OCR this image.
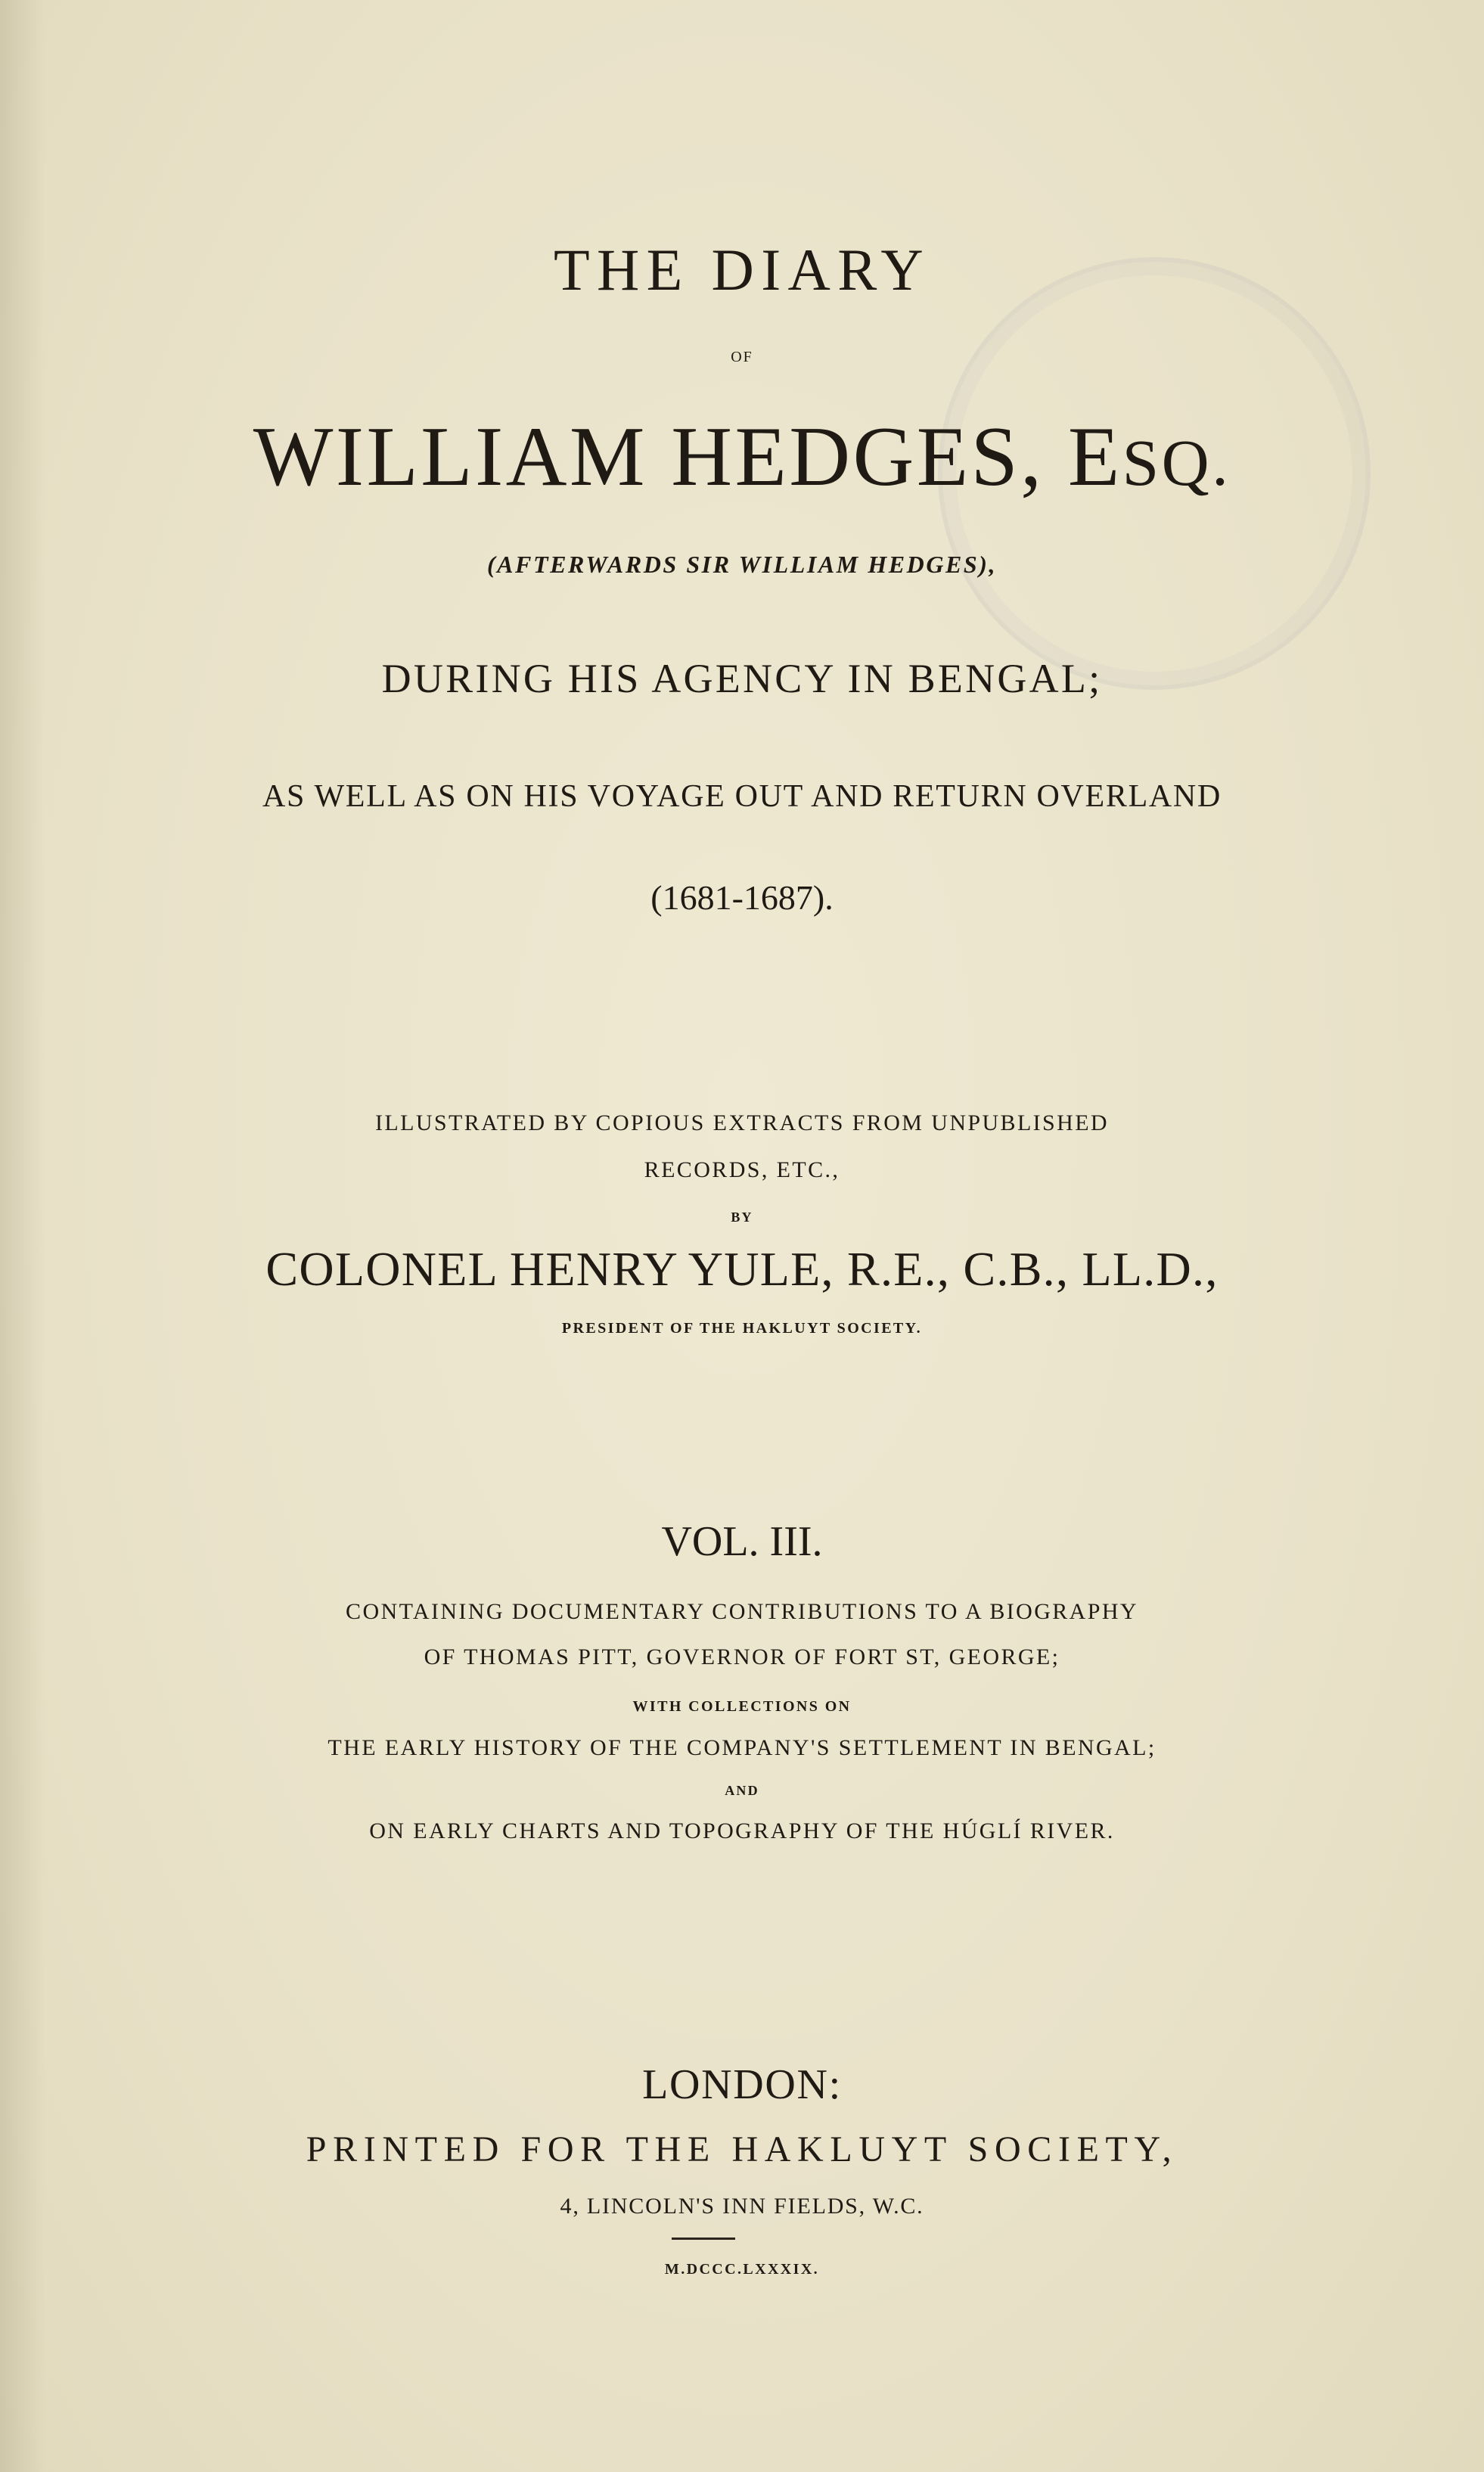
THE DIARY
OF
WILLIAM HEDGES, ESQ.
(AFTERWARDS SIR WILLIAM HEDGES),
DURING HIS AGENCY IN BENGAL;
AS WELL AS ON HIS VOYAGE OUT AND RETURN OVERLAND
(1681-1687).
ILLUSTRATED BY COPIOUS EXTRACTS FROM UNPUBLISHED
RECORDS, ETC.,
BY
COLONEL HENRY YULE, R.E., C.B., LL.D.,
PRESIDENT OF THE HAKLUYT SOCIETY.
VOL. III.
CONTAINING DOCUMENTARY CONTRIBUTIONS TO A BIOGRAPHY
OF THOMAS PITT, GOVERNOR OF FORT ST, GEORGE;
WITH COLLECTIONS ON
THE EARLY HISTORY OF THE COMPANY'S SETTLEMENT IN BENGAL;
AND
ON EARLY CHARTS AND TOPOGRAPHY OF THE HÚGLÍ RIVER.
LONDON:
PRINTED FOR THE HAKLUYT SOCIETY,
4, LINCOLN'S INN FIELDS, W.C.
M.DCCC.LXXXIX.
